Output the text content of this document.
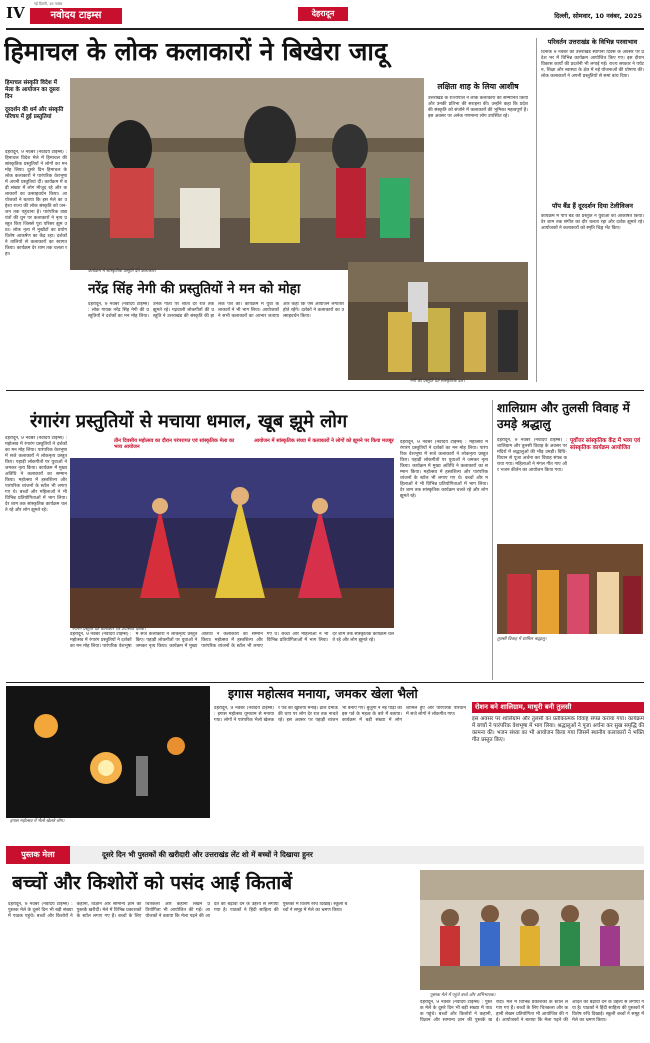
IV	नई दिल्ली, 19 नवंबर
नवोदय टाइम्स	देहरादून	दिल्ली, सोमवार, 10 नवंबर, 2025
हिमाचल के लोक कलाकारों ने बिखेरा जादू
हिमाचल संस्कृति विदेश में मेला के आयोजन का दूसरा दिन
दूरदर्शन की धर्म और संस्कृति परिचय में हुई प्रस्तुतियां
देहरादून, 9 नवंबर (नवोदय टाइम्स) : हिमाचल विदेश मेले में हिमाचल की सांस्कृतिक प्रस्तुतियों ने लोगों का मन मोह लिया। दूसरे दिन हिमाचल के लोक कलाकारों ने पारंपरिक वेशभूषा में अपनी प्रस्तुतियां दीं। कार्यक्रम में बड़ी संख्या में लोग मौजूद रहे और कलाकारों का उत्साहवर्धन किया। आयोजकों ने बताया कि इस मेले का उद्देश्य राज्य की लोक संस्कृति को जन-जन तक पहुंचाना है। पारंपरिक वाद्य यंत्रों की धुन पर कलाकारों ने नृत्य प्रस्तुत किए जिससे पूरा परिसर झूम उठा। लोक नृत्य में मुखौटों का प्रयोग विशेष आकर्षण का केंद्र रहा। दर्शकों ने तालियों से कलाकारों का स्वागत किया। कार्यक्रम देर शाम तक चलता रहा।
कार्यक्रम में सांस्कृतिक प्रस्तुति देते कलाकार।
लक्षिता शाह के लिया आशीष
उत्तराखंड के राज्यपाल ने लोक कलाकारों को सम्मानित किया और उनकी प्रतिभा की सराहना की। उन्होंने कहा कि प्रदेश की संस्कृति को संजोने में कलाकारों की भूमिका महत्वपूर्ण है। इस अवसर पर अनेक गणमान्य लोग उपस्थित रहे।
परिवर्तन उत्तराखंड के विभिन्न परवाभाव
दिनांक 9 नवंबर को उत्तराखंड स्थापना दिवस के अवसर पर प्रदेश भर में विभिन्न कार्यक्रम आयोजित किए गए। इस दौरान विकास कार्यों की प्रदर्शनी भी लगाई गई। राज्य सरकार ने पर्यटन, शिक्षा और स्वास्थ्य के क्षेत्र में नई योजनाओं की घोषणा की। लोक कलाकारों ने अपनी प्रस्तुतियों से समां बांध दिया।
पॉप बैंड हैं दूरदर्शन दिया टेलीविजन
कार्यक्रम में पॉप बैंड की प्रस्तुति ने युवाओं को आकर्षित किया। देर शाम तक संगीत का दौर चलता रहा और दर्शक झूमते रहे। आयोजकों ने कलाकारों को स्मृति चिह्न भेंट किए।
नरेंद्र सिंह नेगी की प्रस्तुतियों ने मन को मोहा
देहरादून, 9 नवंबर (नवोदय टाइम्स) : लोक गायक नरेंद्र सिंह नेगी की प्रस्तुतियों ने दर्शकों का मन मोह लिया। उनके गीतों पर श्रोता देर रात तक झूमते रहे। गढ़वाली लोकगीतों की प्रस्तुति ने उत्तराखंड की संस्कृति की झलक पेश की। कार्यक्रम में युवा कलाकारों ने भी भाग लिया। आयोजकों ने सभी कलाकारों का आभार जताया और कहा कि ऐसे आयोजन लगातार होते रहेंगे। दर्शकों ने कलाकारों का उत्साहवर्धन किया।
नेगी की प्रस्तुति देते सांस्कृतिक दल।
रंगारंग प्रस्तुतियों से मचाया धमाल, खूब झूमे लोग
देहरादून, 9 नवंबर (नवोदय टाइम्स) : महोत्सव में रंगारंग प्रस्तुतियों ने दर्शकों का मन मोह लिया। पारंपरिक वेशभूषा में सजे कलाकारों ने लोकनृत्य प्रस्तुत किए। पहाड़ी लोकगीतों पर युवाओं ने जमकर नृत्य किया। कार्यक्रम में मुख्य अतिथि ने कलाकारों का सम्मान किया। महोत्सव में हस्तशिल्प और पारंपरिक व्यंजनों के स्टॉल भी लगाए गए थे। बच्चों और महिलाओं ने भी विभिन्न प्रतियोगिताओं में भाग लिया। देर शाम तक सांस्कृतिक कार्यक्रम चलते रहे और लोग झूमते रहे।
तीन दिवसीय महोत्सव का दौरान परंपरागत एवं सांस्कृतिक मेला का भव्य आयोजन
आयोजन में सांस्कृतिक संध्या में कलाकारों ने लोगों को झूमने पर किया मजबूर
रंगारंग प्रस्तुति देते कलाकार एवं उपस्थित दर्शक।
देहरादून, 9 नवंबर (नवोदय टाइम्स) : महोत्सव में रंगारंग प्रस्तुतियों ने दर्शकों का मन मोह लिया। पारंपरिक वेशभूषा में सजे कलाकारों ने लोकनृत्य प्रस्तुत किए। पहाड़ी लोकगीतों पर युवाओं ने जमकर नृत्य किया। कार्यक्रम में मुख्य अतिथि ने कलाकारों का सम्मान किया। महोत्सव में हस्तशिल्प और पारंपरिक व्यंजनों के स्टॉल भी लगाए गए थे। बच्चों और महिलाओं ने भी विभिन्न प्रतियोगिताओं में भाग लिया। देर शाम तक सांस्कृतिक कार्यक्रम चलते रहे और लोग झूमते रहे।
देहरादून, 9 नवंबर (नवोदय टाइम्स) : महोत्सव में रंगारंग प्रस्तुतियों ने दर्शकों का मन मोह लिया। पारंपरिक वेशभूषा में सजे कलाकारों ने लोकनृत्य प्रस्तुत किए। पहाड़ी लोकगीतों पर युवाओं ने जमकर नृत्य किया। कार्यक्रम में मुख्य अतिथि ने कलाकारों का सम्मान किया। महोत्सव में हस्तशिल्प और पारंपरिक व्यंजनों के स्टॉल भी लगाए गए थे। बच्चों और महिलाओं ने भी विभिन्न प्रतियोगिताओं में भाग लिया। देर शाम तक सांस्कृतिक कार्यक्रम चलते रहे और लोग झूमते रहे।
शालिग्राम और तुलसी विवाह में उमड़े श्रद्धालु
देहरादून, 9 नवंबर (नवोदय टाइम्स) : शालिग्राम और तुलसी विवाह के अवसर पर मंदिरों में श्रद्धालुओं की भीड़ उमड़ी। विधि-विधान से पूजा अर्चना कर विवाह संपन्न कराया गया। महिलाओं ने मंगल गीत गाए और भजन कीर्तन का आयोजन किया गया।
पूर्वोत्तर सांस्कृतिक केंद्र में भव्य एवं सांस्कृतिक कार्यक्रम आयोजित
तुलसी विवाह में शामिल श्रद्धालु।
इगास महोत्सव में भैलो खेलते लोग।
इगास महोत्सव मनाया, जमकर खेला भैलो
देहरादून, 9 नवंबर (नवोदय टाइम्स) : इगास महोत्सव धूमधाम से मनाया गया। लोगों ने पारंपरिक भैलो खेलकर पर्व की खुशियां मनाईं। ढोल दमाऊ की थाप पर लोग देर रात तक नाचते रहे। इस अवसर पर पहाड़ी व्यंजन भी बनाए गए। बुजुर्गों ने नई पीढ़ी को इस पर्व के महत्व के बारे में बताया। कार्यक्रम में बड़ी संख्या में लोग शामिल हुए और पारंपरिक परिधान में सजे लोगों ने लोकगीत गाए।
रोशन बने शालिग्राम, माथुरी बनी तुलसी
इस अवसर पर शालिग्राम और तुलसी का प्रतीकात्मक विवाह संपन्न कराया गया। कार्यक्रम में बच्चों ने पारंपरिक वेशभूषा में भाग लिया। श्रद्धालुओं ने पूजा अर्चना कर सुख समृद्धि की कामना की। भजन संध्या का भी आयोजन किया गया जिसमें स्थानीय कलाकारों ने भक्ति गीत प्रस्तुत किए।
पुस्तक मेला	दूसरे दिन भी पुस्तकों की खरीदारी और उत्तराखंड लेंट शो में बच्चों ने दिखाया हुनर
बच्चों और किशोरों को पसंद आई किताबें
देहरादून, 9 नवंबर (नवोदय टाइम्स) : पुस्तक मेले के दूसरे दिन भी बड़ी संख्या में पाठक पहुंचे। बच्चों और किशोरों ने कहानी, विज्ञान और सामान्य ज्ञान की पुस्तकें खरीदीं। मेले में विभिन्न प्रकाशकों के स्टॉल लगाए गए हैं। बच्चों के लिए चित्रकला और कहानी लेखन प्रतियोगिता भी आयोजित की गई। आयोजकों ने बताया कि मेला पढ़ने की आदत को बढ़ावा देने के उद्देश्य से लगाया गया है। पाठकों ने हिंदी साहित्य की पुस्तकों में विशेष रुचि दिखाई। स्कूली बच्चों ने समूह में मेले का भ्रमण किया।
पुस्तक मेले में पहुंचे बच्चे और अभिभावक।
देहरादून, 9 नवंबर (नवोदय टाइम्स) : पुस्तक मेले के दूसरे दिन भी बड़ी संख्या में पाठक पहुंचे। बच्चों और किशोरों ने कहानी, विज्ञान और सामान्य ज्ञान की पुस्तकें खरीदीं। मेले में विभिन्न प्रकाशकों के स्टॉल लगाए गए हैं। बच्चों के लिए चित्रकला और कहानी लेखन प्रतियोगिता भी आयोजित की गई। आयोजकों ने बताया कि मेला पढ़ने की आदत को बढ़ावा देने के उद्देश्य से लगाया गया है। पाठकों ने हिंदी साहित्य की पुस्तकों में विशेष रुचि दिखाई। स्कूली बच्चों ने समूह में मेले का भ्रमण किया।
